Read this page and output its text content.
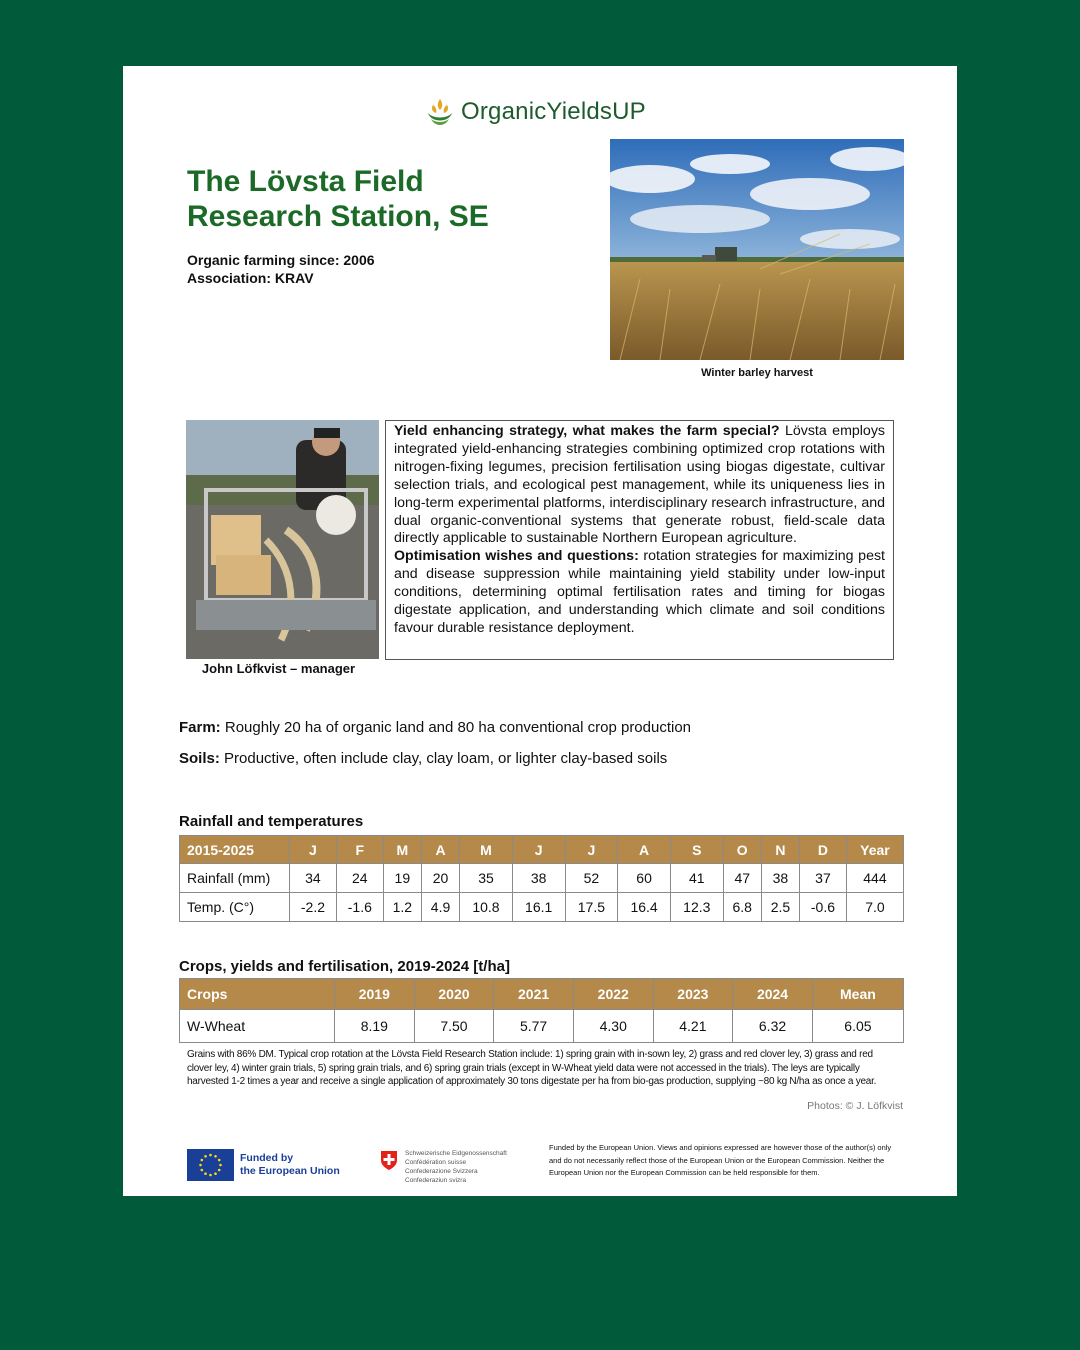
OrganicYieldsUP
The Lövsta Field
Research Station, SE
Organic farming since: 2006
Association: KRAV
Winter barley harvest
John Löfkvist – manager
Yield enhancing strategy, what makes the farm special? Lövsta employs integrated yield-enhancing strategies combining optimized crop rotations with nitrogen-fixing legumes, precision fertilisation using biogas digestate, cultivar selection trials, and ecological pest management, while its uniqueness lies in long-term experimental platforms, interdisciplinary research infrastructure, and dual organic-conventional systems that generate robust, field-scale data directly applicable to sustainable Northern European agriculture.
Optimisation wishes and questions: rotation strategies for maximizing pest and disease suppression while maintaining yield stability under low-input conditions, determining optimal fertilisation rates and timing for biogas digestate application, and understanding which climate and soil conditions favour durable resistance deployment.
Farm: Roughly 20 ha of organic land and 80 ha conventional crop production
Soils: Productive, often include clay, clay loam, or lighter clay-based soils
Rainfall and temperatures
2015-2025	J	F	M	A	M	J	J	A	S	O	N	D	Year
Rainfall (mm)	34	24	19	20	35	38	52	60	41	47	38	37	444
Temp. (C°)	-2.2	-1.6	1.2	4.9	10.8	16.1	17.5	16.4	12.3	6.8	2.5	-0.6	7.0
Crops, yields and fertilisation, 2019-2024 [t/ha]
Crops	2019	2020	2021	2022	2023	2024	Mean
W-Wheat	8.19	7.50	5.77	4.30	4.21	6.32	6.05
Grains with 86% DM. Typical crop rotation at the Lövsta Field Research Station include: 1) spring grain with in-sown ley, 2) grass and red clover ley, 3) grass and red clover ley, 4) winter grain trials, 5) spring grain trials, and 6) spring grain trials (except in W-Wheat yield data were not accessed in the trials). The leys are typically harvested 1-2 times a year and receive a single application of approximately 30 tons digestate per ha from bio-gas production, supplying ~80 kg N/ha as once a year.
Photos: © J. Löfkvist
Funded by
the European Union
Schweizerische Eidgenossenschaft
Confédération suisse
Confederazione Svizzera
Confederaziun svizra
Funded by the European Union. Views and opinions expressed are however those of the author(s) only and do not necessarily reflect those of the European Union or the European Commission. Neither the European Union nor the European Commission can be held responsible for them.
